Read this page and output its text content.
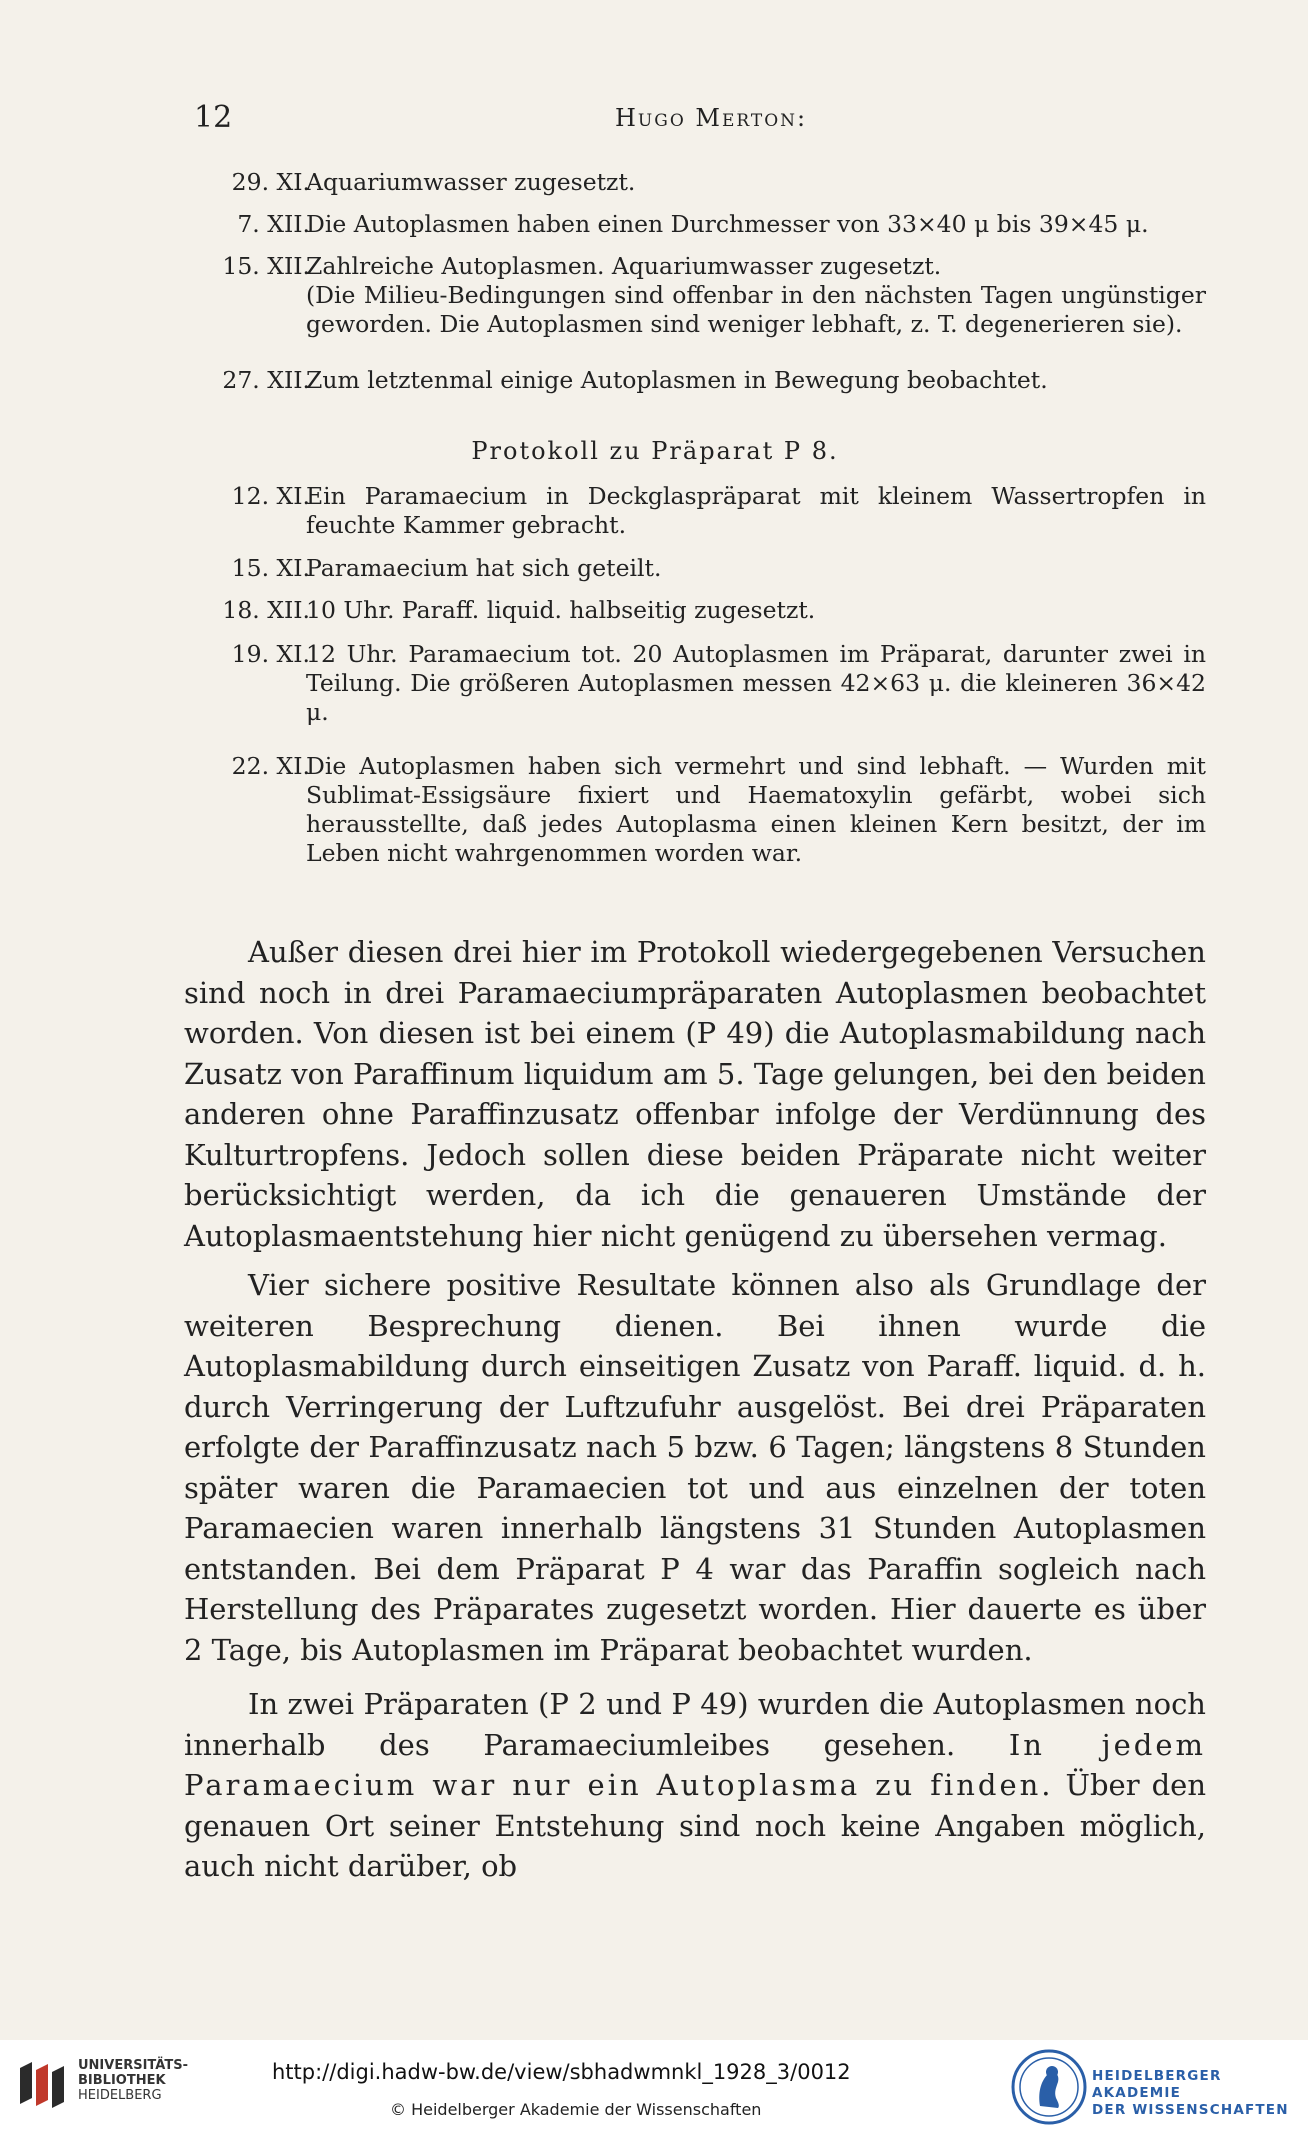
12	Hugo Merton:
29. XI.

Aquariumwasser zugesetzt.

7. XII.

Die Autoplasmen haben einen Durchmesser von 33×40 μ bis 39×45 μ.

15. XII.

Zahlreiche Autoplasmen. Aquariumwasser zugesetzt.

(Die Milieu-Bedingungen sind offenbar in den nächsten Tagen ungünstiger geworden. Die Autoplasmen sind weniger lebhaft, z. T. degenerieren sie).

27. XII.

Zum letztenmal einige Autoplasmen in Bewegung beobachtet.

Protokoll zu Präparat P 8.
12. XI.

Ein Paramaecium in Deckglaspräparat mit kleinem Wassertropfen in feuchte Kammer gebracht.

15. XI.

Paramaecium hat sich geteilt.

18. XII.

10 Uhr. Paraff. liquid. halbseitig zugesetzt.

19. XI.

12 Uhr. Paramaecium tot. 20 Autoplasmen im Präparat, darunter zwei in Teilung. Die größeren Autoplasmen messen 42×63 μ. die kleineren 36×42 μ.

22. XI.

Die Autoplasmen haben sich vermehrt und sind lebhaft. — Wurden mit Sublimat-Essigsäure fixiert und Haematoxylin gefärbt, wobei sich herausstellte, daß jedes Autoplasma einen kleinen Kern besitzt, der im Leben nicht wahrgenommen worden war.

Außer diesen drei hier im Protokoll wiedergegebenen Versuchen sind noch in drei Paramaeciumpräparaten Autoplasmen beobachtet worden. Von diesen ist bei einem (P 49) die Autoplasmabildung nach Zusatz von Paraffinum liquidum am 5. Tage gelungen, bei den beiden anderen ohne Paraffinzusatz offenbar infolge der Verdünnung des Kulturtropfens. Jedoch sollen diese beiden Präparate nicht weiter berücksichtigt werden, da ich die genaueren Umstände der Autoplasmaentstehung hier nicht genügend zu übersehen vermag.

Vier sichere positive Resultate können also als Grundlage der weiteren Besprechung dienen. Bei ihnen wurde die Autoplasmabildung durch einseitigen Zusatz von Paraff. liquid. d. h. durch Verringerung der Luftzufuhr ausgelöst. Bei drei Präparaten erfolgte der Paraffinzusatz nach 5 bzw. 6 Tagen; längstens 8 Stunden später waren die Paramaecien tot und aus einzelnen der toten Paramaecien waren innerhalb längstens 31 Stunden Autoplasmen entstanden. Bei dem Präparat P 4 war das Paraffin sogleich nach Herstellung des Präparates zugesetzt worden. Hier dauerte es über 2 Tage, bis Autoplasmen im Präparat beobachtet wurden.

In zwei Präparaten (P 2 und P 49) wurden die Autoplasmen noch innerhalb des Paramaeciumleibes gesehen. In jedem Paramaecium war nur ein Autoplasma zu finden. Über den genauen Ort seiner Entstehung sind noch keine Angaben möglich, auch nicht darüber, ob

UNIVERSITÄTS-
BIBLIOTHEK
HEIDELBERG
http://digi.hadw-bw.de/view/sbhadwmnkl_1928_3/0012
© Heidelberger Akademie der Wissenschaften
HEIDELBERGER AKADEMIE
DER WISSENSCHAFTEN
